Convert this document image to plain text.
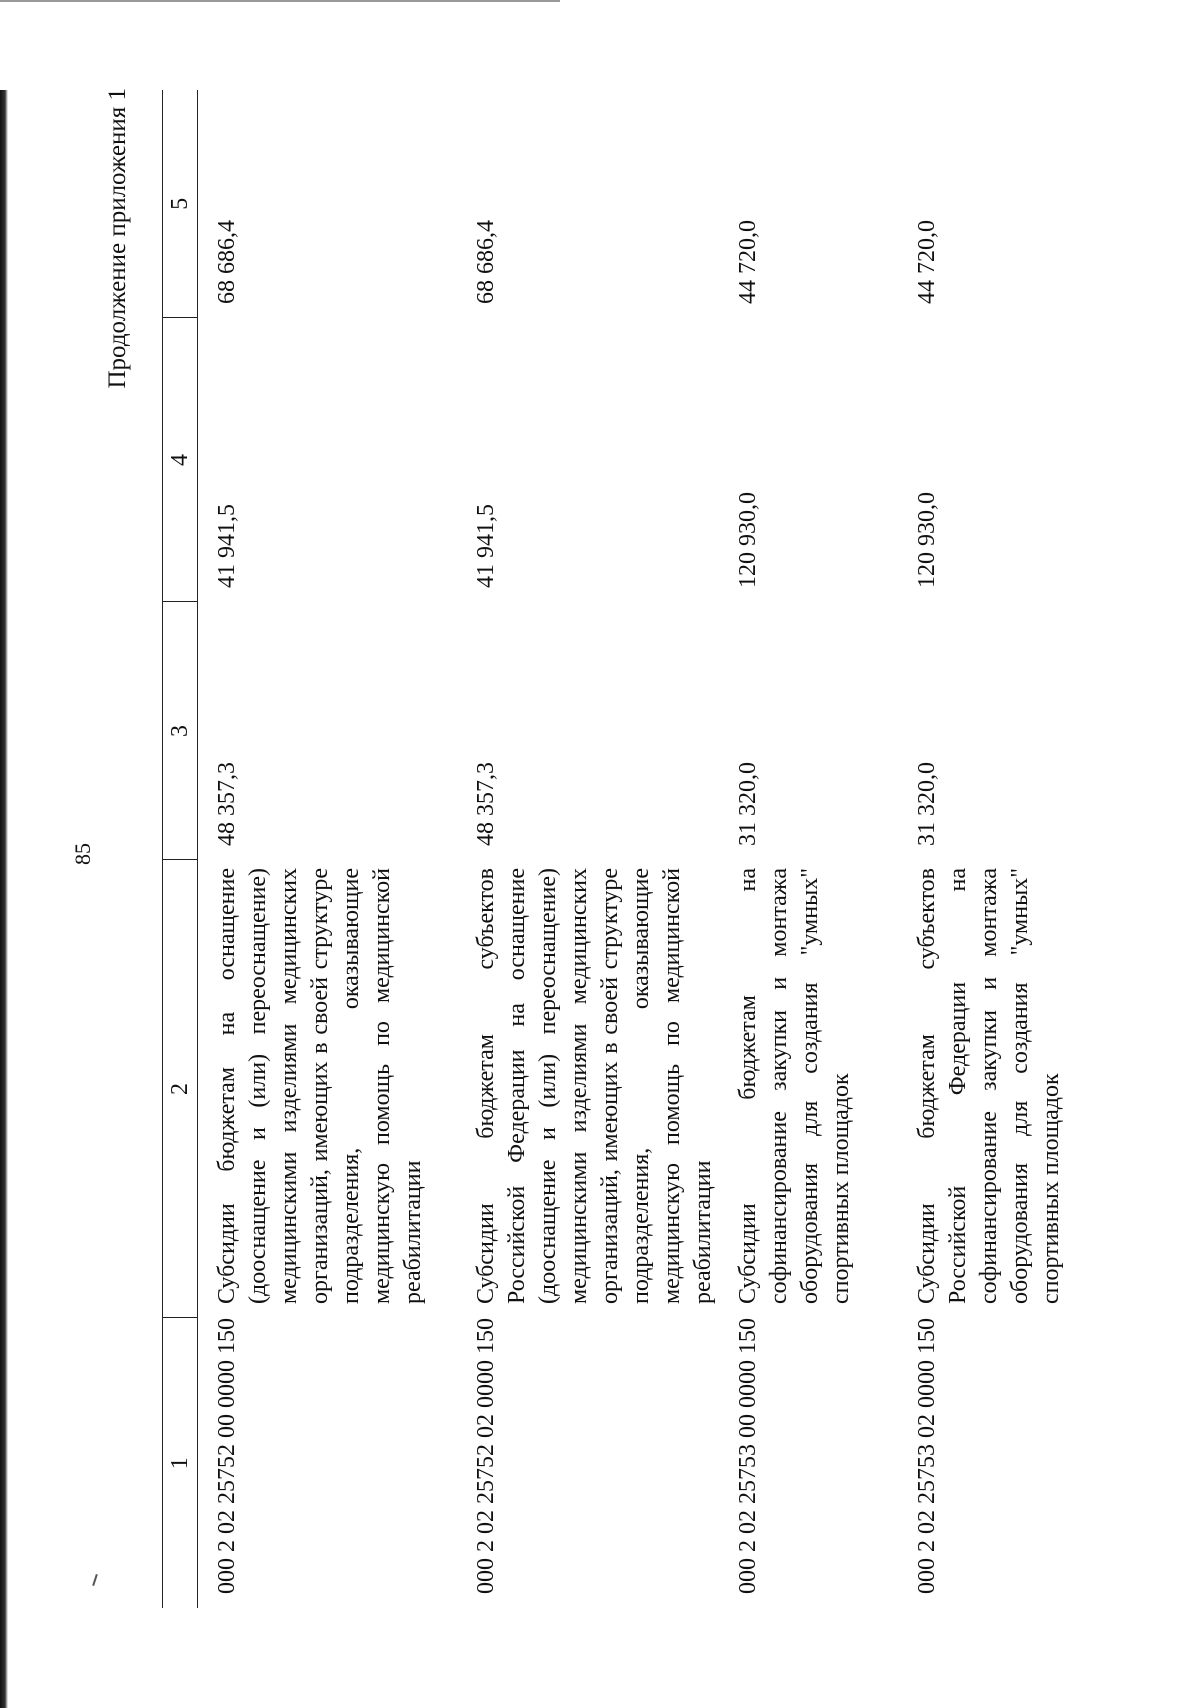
85
Продолжение приложения 1
1	2	3	4	5
000 2 02 25752 00 0000 150	Субсидии бюджетам на оснащение (дооснащение и (или) переоснащение) медицинскими изделиями медицинских организаций, имеющих в своей структуре подразделения, оказывающие медицинскую помощь по медицинской реабилитации	48 357,3	41 941,5	68 686,4
000 2 02 25752 02 0000 150	Субсидии бюджетам субъектов Российской Федерации на оснащение (дооснащение и (или) переоснащение) медицинскими изделиями медицинских организаций, имеющих в своей структуре подразделения, оказывающие медицинскую помощь по медицинской реабилитации	48 357,3	41 941,5	68 686,4
000 2 02 25753 00 0000 150	Субсидии бюджетам на софинансирование закупки и монтажа оборудования для создания "умных" спортивных площадок	31 320,0	120 930,0	44 720,0
000 2 02 25753 02 0000 150	Субсидии бюджетам субъектов Российской Федерации на софинансирование закупки и монтажа оборудования для создания "умных" спортивных площадок	31 320,0	120 930,0	44 720,0
